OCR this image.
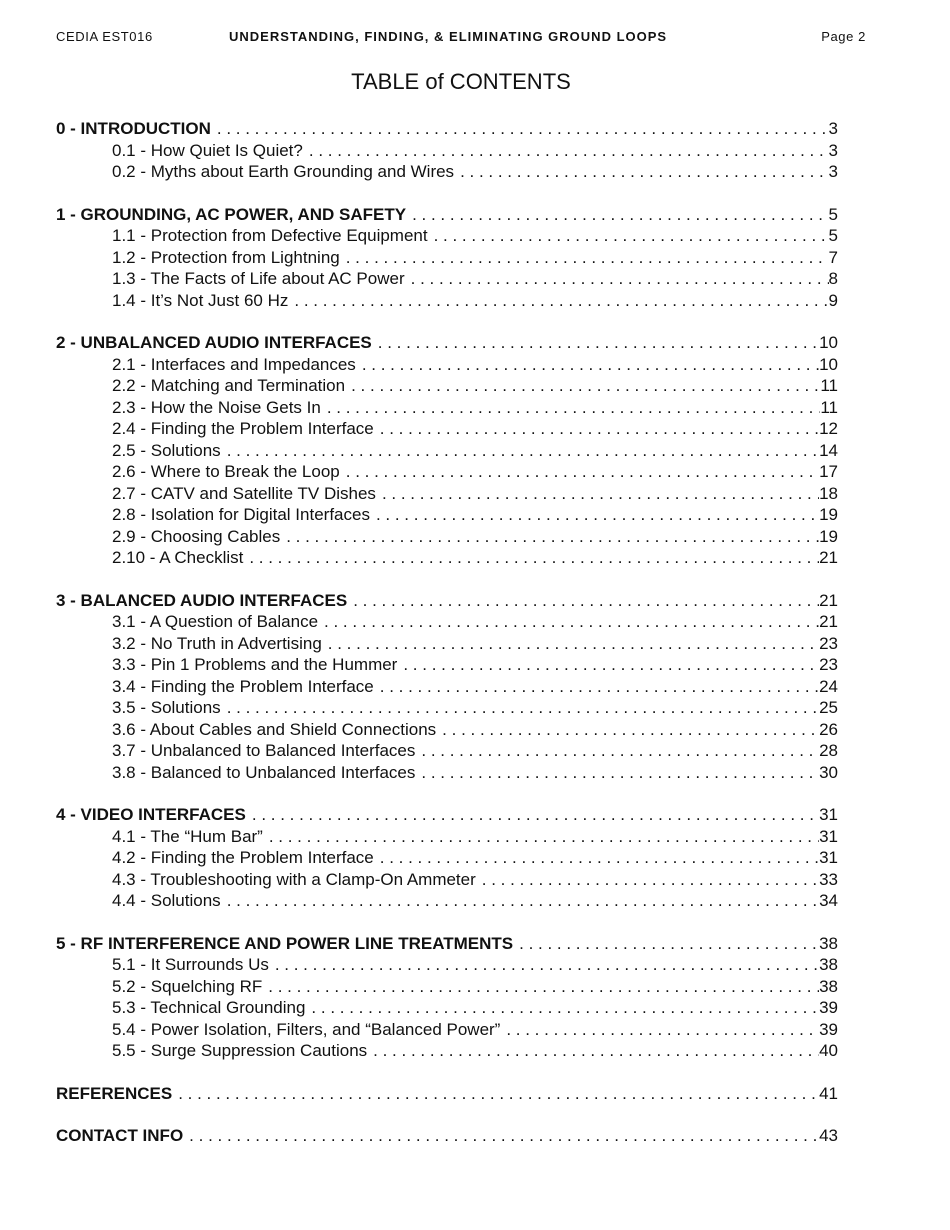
CEDIA EST016	UNDERSTANDING, FINDING, & ELIMINATING GROUND LOOPS	Page 2
TABLE of CONTENTS
0 - INTRODUCTION . . .	3
0.1 - How Quiet Is Quiet? . . .	3
0.2 - Myths about Earth Grounding and Wires . . .	3
1 - GROUNDING, AC POWER, AND SAFETY . . .	5
1.1 - Protection from Defective Equipment . . .	5
1.2 - Protection from Lightning . . .	7
1.3 - The Facts of Life about AC Power . . .	8
1.4 - It’s Not Just 60 Hz . . .	9
2 - UNBALANCED AUDIO INTERFACES . . .	10
2.1 - Interfaces and Impedances . . .	10
2.2 - Matching and Termination . . .	11
2.3 - How the Noise Gets In . . .	11
2.4 - Finding the Problem Interface . . .	12
2.5 - Solutions . . .	14
2.6 - Where to Break the Loop . . .	17
2.7 - CATV and Satellite TV Dishes . . .	18
2.8 - Isolation for Digital Interfaces . . .	19
2.9 - Choosing Cables . . .	19
2.10 - A Checklist . . .	21
3 - BALANCED AUDIO INTERFACES . . .	21
3.1 - A Question of Balance . . .	21
3.2 - No Truth in Advertising . . .	23
3.3 - Pin 1 Problems and the Hummer . . .	23
3.4 - Finding the Problem Interface . . .	24
3.5 - Solutions . . .	25
3.6 - About Cables and Shield Connections . . .	26
3.7 - Unbalanced to Balanced Interfaces . . .	28
3.8 - Balanced to Unbalanced Interfaces . . .	30
4 - VIDEO INTERFACES . . .	31
4.1 - The “Hum Bar” . . .	31
4.2 - Finding the Problem Interface . . .	31
4.3 - Troubleshooting with a Clamp-On Ammeter . . .	33
4.4 - Solutions . . .	34
5 - RF INTERFERENCE AND POWER LINE TREATMENTS . . .	38
5.1 - It Surrounds Us . . .	38
5.2 - Squelching RF . . .	38
5.3 - Technical Grounding . . .	39
5.4 - Power Isolation, Filters, and “Balanced Power” . . .	39
5.5 - Surge Suppression Cautions . . .	40
REFERENCES . . .	41
CONTACT INFO . . .	43
